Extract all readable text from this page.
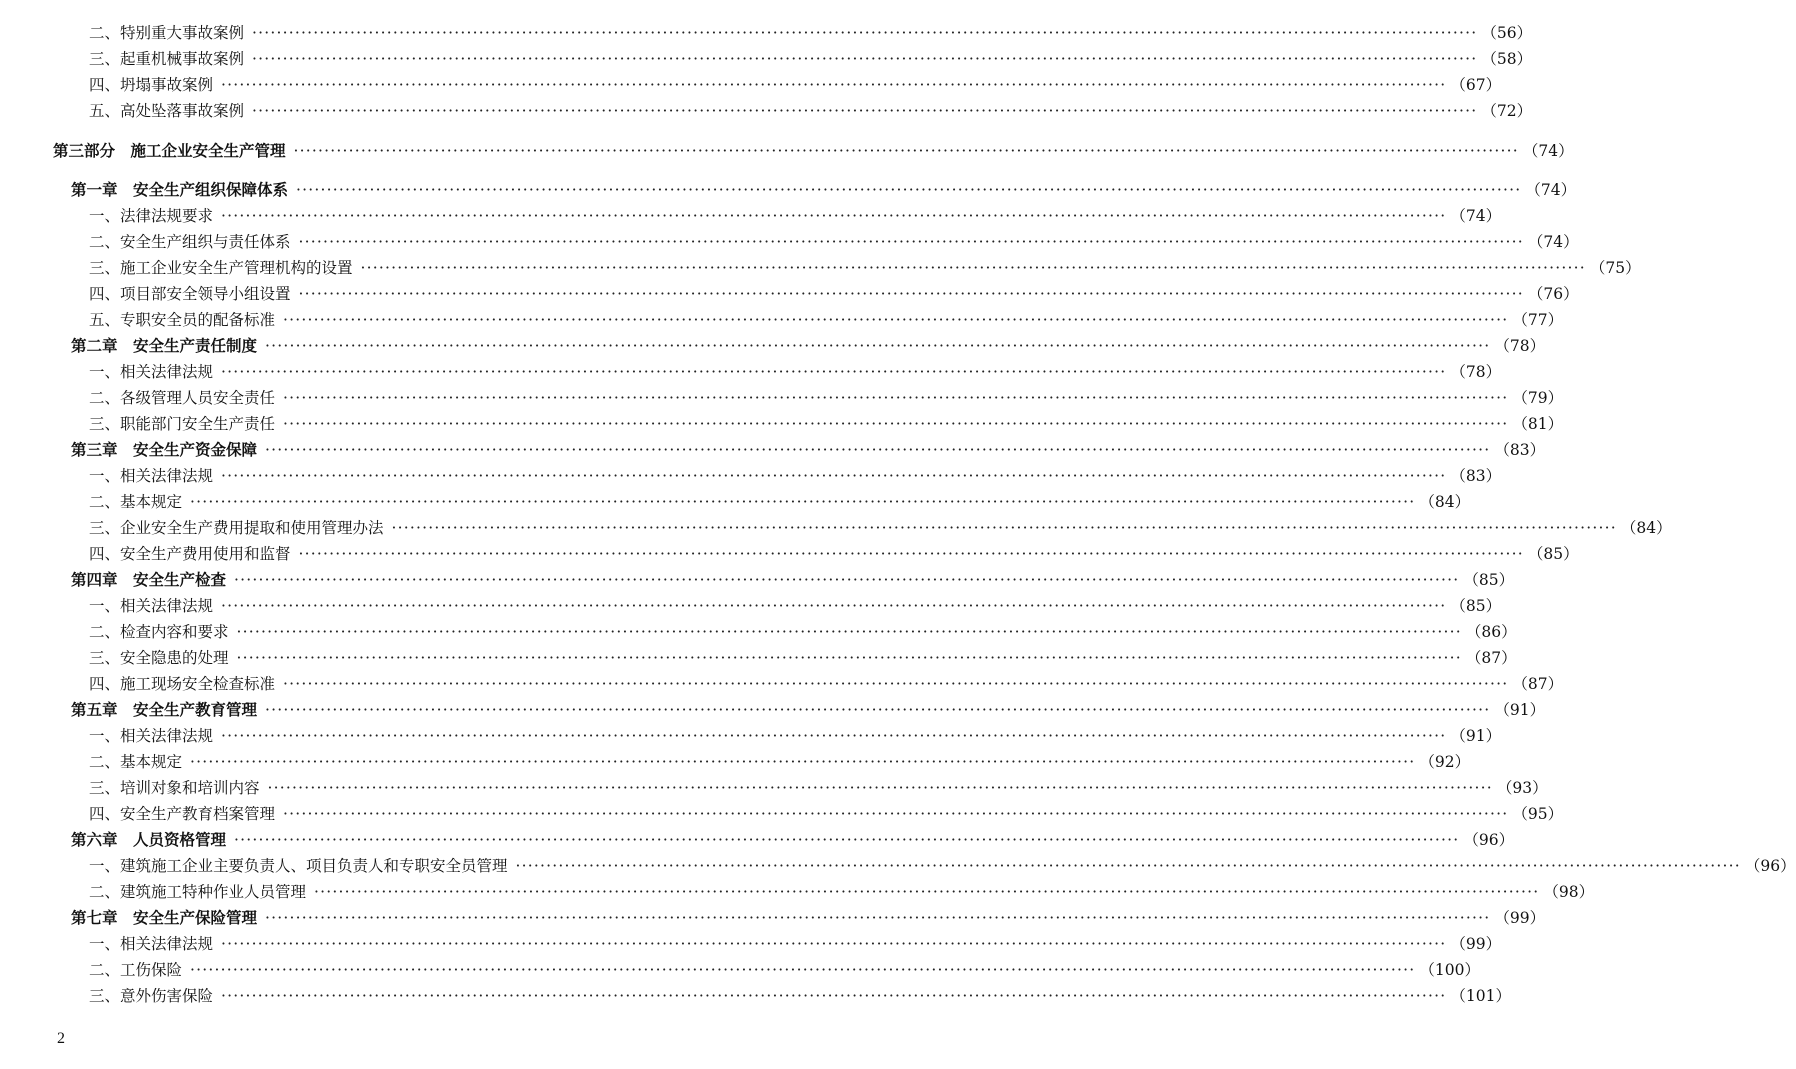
二、特别重大事故案例 ········································································································································································································ （56）
三、起重机械事故案例 ········································································································································································································ （58）
四、坍塌事故案例 ········································································································································································································ （67）
五、高处坠落事故案例 ········································································································································································································ （72）
第三部分　施工企业安全生产管理 ········································································································································································································ （74）
第一章　安全生产组织保障体系 ········································································································································································································ （74）
一、法律法规要求 ········································································································································································································ （74）
二、安全生产组织与责任体系 ········································································································································································································ （74）
三、施工企业安全生产管理机构的设置 ········································································································································································································ （75）
四、项目部安全领导小组设置 ········································································································································································································ （76）
五、专职安全员的配备标准 ········································································································································································································ （77）
第二章　安全生产责任制度 ········································································································································································································ （78）
一、相关法律法规 ········································································································································································································ （78）
二、各级管理人员安全责任 ········································································································································································································ （79）
三、职能部门安全生产责任 ········································································································································································································ （81）
第三章　安全生产资金保障 ········································································································································································································ （83）
一、相关法律法规 ········································································································································································································ （83）
二、基本规定 ········································································································································································································ （84）
三、企业安全生产费用提取和使用管理办法 ········································································································································································································ （84）
四、安全生产费用使用和监督 ········································································································································································································ （85）
第四章　安全生产检查 ········································································································································································································ （85）
一、相关法律法规 ········································································································································································································ （85）
二、检查内容和要求 ········································································································································································································ （86）
三、安全隐患的处理 ········································································································································································································ （87）
四、施工现场安全检查标准 ········································································································································································································ （87）
第五章　安全生产教育管理 ········································································································································································································ （91）
一、相关法律法规 ········································································································································································································ （91）
二、基本规定 ········································································································································································································ （92）
三、培训对象和培训内容 ········································································································································································································ （93）
四、安全生产教育档案管理 ········································································································································································································ （95）
第六章　人员资格管理 ········································································································································································································ （96）
一、建筑施工企业主要负责人、项目负责人和专职安全员管理 ········································································································································································································ （96）
二、建筑施工特种作业人员管理 ········································································································································································································ （98）
第七章　安全生产保险管理 ········································································································································································································ （99）
一、相关法律法规 ········································································································································································································ （99）
二、工伤保险 ········································································································································································································ （100）
三、意外伤害保险 ········································································································································································································ （101）
2
